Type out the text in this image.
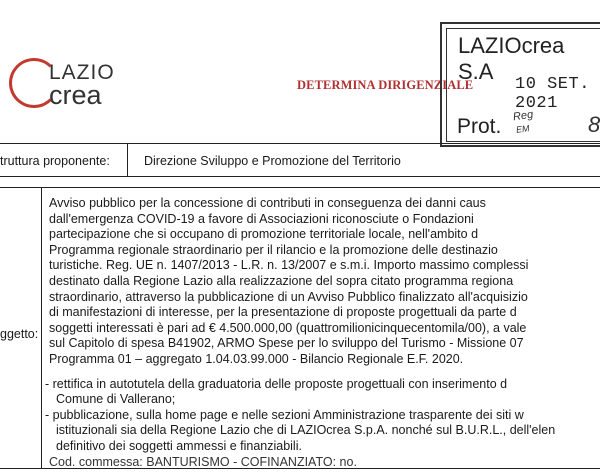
LAZIO
crea	DETERMINA DIRIGENZIALE
LAZIOcrea S.A
10 SET. 2021
Prot. Reg
EM	8
truttura proponente:	Direzione Sviluppo e Promozione del Territorio
ggetto:

Avviso pubblico per la concessione di contributi in conseguenza dei danni caus

dall'emergenza COVID-19 a favore di Associazioni riconosciute o Fondazioni

partecipazione che si occupano di promozione territoriale locale, nell'ambito d

Programma regionale straordinario per il rilancio e la promozione delle destinazio

turistiche. Reg. UE n. 1407/2013 - L.R. n. 13/2007 e s.m.i. Importo massimo complessi

destinato dalla Regione Lazio alla realizzazione del sopra citato programma regiona

straordinario, attraverso la pubblicazione di un Avviso Pubblico finalizzato all'acquisizio

di manifestazioni di interesse, per la presentazione di proposte progettuali da parte d

soggetti interessati è pari ad € 4.500.000,00 (quattromilionicinquecentomila/00), a vale

sul Capitolo di spesa B41902, ARMO Spese per lo sviluppo del Turismo - Missione 07

Programma 01 – aggregato 1.04.03.99.000 - Bilancio Regionale E.F. 2020.

- rettifica in autotutela della graduatoria delle proposte progettuali con inserimento d

Comune di Vallerano;

- pubblicazione, sulla home page e nelle sezioni Amministrazione trasparente dei siti w

istituzionali sia della Regione Lazio che di LAZIOcrea S.p.A. nonché sul B.U.R.L., dell'elen

definitivo dei soggetti ammessi e finanziabili.

Cod. commessa: BANTURISMO - COFINANZIATO: no.
